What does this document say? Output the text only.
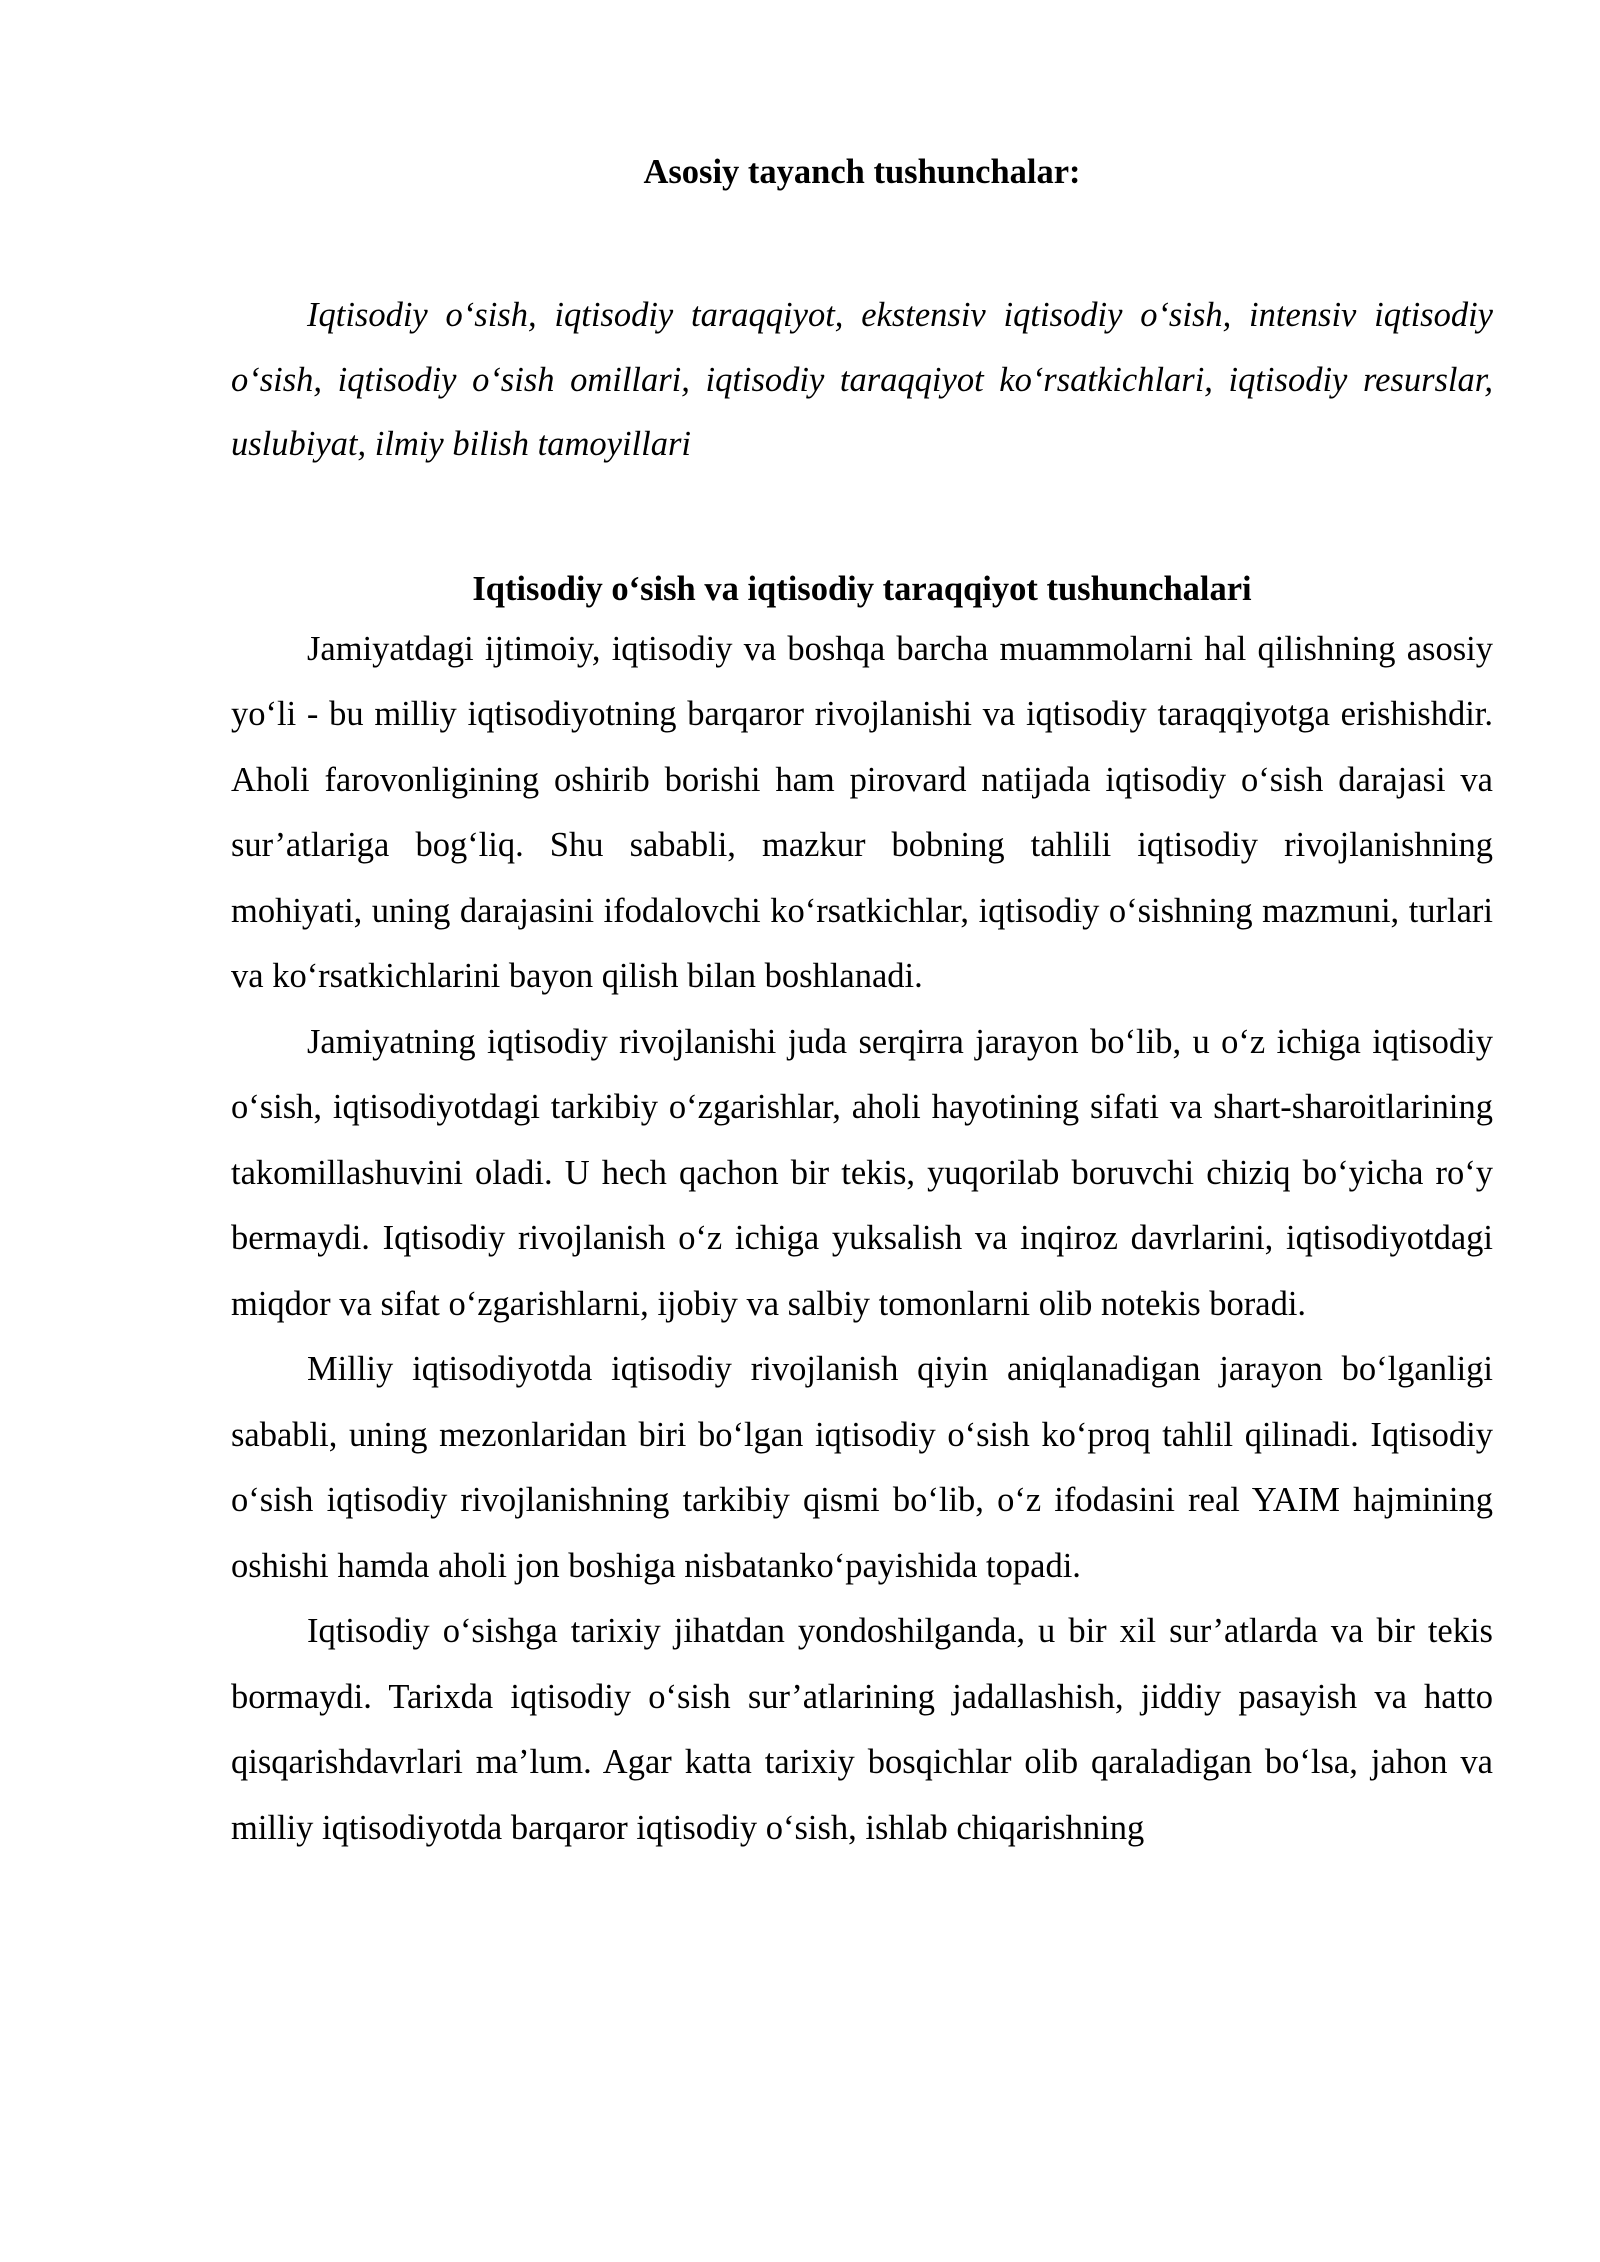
Asosiy tayanch tushunchalar:

Iqtisodiy o‘sish, iqtisodiy taraqqiyot, ekstensiv iqtisodiy o‘sish, intensiv iqtisodiy o‘sish, iqtisodiy o‘sish omillari, iqtisodiy taraqqiyot ko‘rsatkichlari, iqtisodiy resurslar, uslubiyat, ilmiy bilish tamoyillari

Iqtisodiy o‘sish va iqtisodiy taraqqiyot tushunchalari

Jamiyatdagi ijtimoiy, iqtisodiy va boshqa barcha muammolarni hal qilishning asosiy yo‘li - bu milliy iqtisodiyotning barqaror rivojlanishi va iqtisodiy taraqqiyotga erishishdir. Aholi farovonligining oshirib borishi ham pirovard natijada iqtisodiy o‘sish darajasi va sur’atlariga bog‘liq. Shu sababli, mazkur bobning tahlili iqtisodiy rivojlanishning mohiyati, uning darajasini ifodalovchi ko‘rsatkichlar, iqtisodiy o‘sishning mazmuni, turlari va ko‘rsatkichlarini bayon qilish bilan boshlanadi.

Jamiyatning iqtisodiy rivojlanishi juda serqirra jarayon bo‘lib, u o‘z ichiga iqtisodiy o‘sish, iqtisodiyotdagi tarkibiy o‘zgarishlar, aholi hayotining sifati va shart-sharoitlarining takomillashuvini oladi. U hech qachon bir tekis, yuqorilab boruvchi chiziq bo‘yicha ro‘y bermaydi. Iqtisodiy rivojlanish o‘z ichiga yuksalish va inqiroz davrlarini, iqtisodiyotdagi miqdor va sifat o‘zgarishlarni, ijobiy va salbiy tomonlarni olib notekis boradi.

Milliy iqtisodiyotda iqtisodiy rivojlanish qiyin aniqlanadigan jarayon bo‘lganligi sababli, uning mezonlaridan biri bo‘lgan iqtisodiy o‘sish ko‘proq tahlil qilinadi. Iqtisodiy o‘sish iqtisodiy rivojlanishning tarkibiy qismi bo‘lib, o‘z ifodasini real YAIM hajmining oshishi hamda aholi jon boshiga nisbatanko‘payishida topadi.

Iqtisodiy o‘sishga tarixiy jihatdan yondoshilganda, u bir xil sur’atlarda va bir tekis bormaydi. Tarixda iqtisodiy o‘sish sur’atlarining jadallashish, jiddiy pasayish va hatto qisqarishdavrlari ma’lum. Agar katta tarixiy bosqichlar olib qaraladigan bo‘lsa, jahon va milliy iqtisodiyotda barqaror iqtisodiy o‘sish, ishlab chiqarishning
